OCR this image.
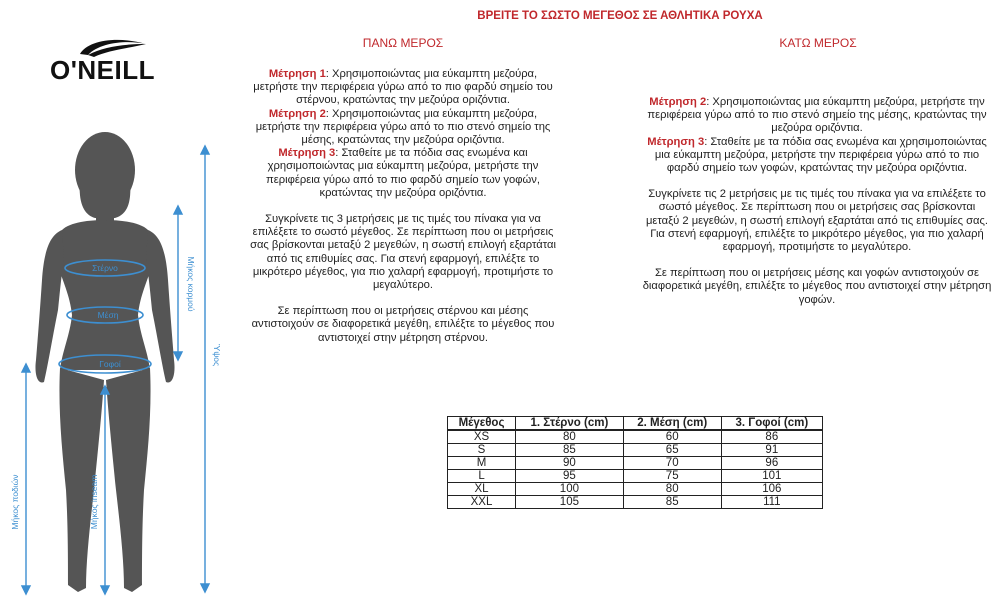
ΒΡΕΙΤΕ ΤΟ ΣΩΣΤΟ ΜΕΓΕΘΟΣ ΣΕ ΑΘΛΗΤΙΚΑ ΡΟΥΧΑ
O'NEILL
Στέρνο
Μέση
Γοφοί
Μήκος κορμού
Ύψος
Μήκος ποδιών	Μήκος inseam
ΠΑΝΩ ΜΕΡΟΣ

Μέτρηση 1: Χρησιμοποιώντας μια εύκαμπτη μεζούρα, μετρήστε την περιφέρεια γύρω από το πιο φαρδύ σημείο του στέρνου, κρατώντας την μεζούρα οριζόντια.

Μέτρηση 2: Χρησιμοποιώντας μια εύκαμπτη μεζούρα, μετρήστε την περιφέρεια γύρω από το πιο στενό σημείο της μέσης, κρατώντας την μεζούρα οριζόντια.

Μέτρηση 3: Σταθείτε με τα πόδια σας ενωμένα και χρησιμοποιώντας μια εύκαμπτη μεζούρα, μετρήστε την περιφέρεια γύρω από το πιο φαρδύ σημείο των γοφών, κρατώντας την μεζούρα οριζόντια.

Συγκρίνετε τις 3 μετρήσεις με τις τιμές του πίνακα για να επιλέξετε το σωστό μέγεθος. Σε περίπτωση που οι μετρήσεις σας βρίσκονται μεταξύ 2 μεγεθών, η σωστή επιλογή εξαρτάται από τις επιθυμίες σας. Για στενή εφαρμογή, επιλέξτε το μικρότερο μέγεθος, για πιο χαλαρή εφαρμογή, προτιμήστε το μεγαλύτερο.

Σε περίπτωση που οι μετρήσεις στέρνου και μέσης αντιστοιχούν σε διαφορετικά μεγέθη, επιλέξτε το μέγεθος που αντιστοιχεί στην μέτρηση στέρνου.

ΚΑΤΩ ΜΕΡΟΣ

Μέτρηση 2: Χρησιμοποιώντας μια εύκαμπτη μεζούρα, μετρήστε την περιφέρεια γύρω από το πιο στενό σημείο της μέσης, κρατώντας την μεζούρα οριζόντια.

Μέτρηση 3: Σταθείτε με τα πόδια σας ενωμένα και χρησιμοποιώντας μια εύκαμπτη μεζούρα, μετρήστε την περιφέρεια γύρω από το πιο φαρδύ σημείο των γοφών, κρατώντας την μεζούρα οριζόντια.

Συγκρίνετε τις 2 μετρήσεις με τις τιμές του πίνακα για να επιλέξετε το σωστό μέγεθος. Σε περίπτωση που οι μετρήσεις σας βρίσκονται μεταξύ 2 μεγεθών, η σωστή επιλογή εξαρτάται από τις επιθυμίες σας. Για στενή εφαρμογή, επιλέξτε το μικρότερο μέγεθος, για πιο χαλαρή εφαρμογή, προτιμήστε το μεγαλύτερο.

Σε περίπτωση που οι μετρήσεις μέσης και γοφών αντιστοιχούν σε διαφορετικά μεγέθη, επιλέξτε το μέγεθος που αντιστοιχεί στην μέτρηση γοφών.

Μέγεθος	1. Στέρνο (cm)	2. Μέση (cm)	3. Γοφοί (cm)
XS	80	60	86
S	85	65	91
M	90	70	96
L	95	75	101
XL	100	80	106
XXL	105	85	111
